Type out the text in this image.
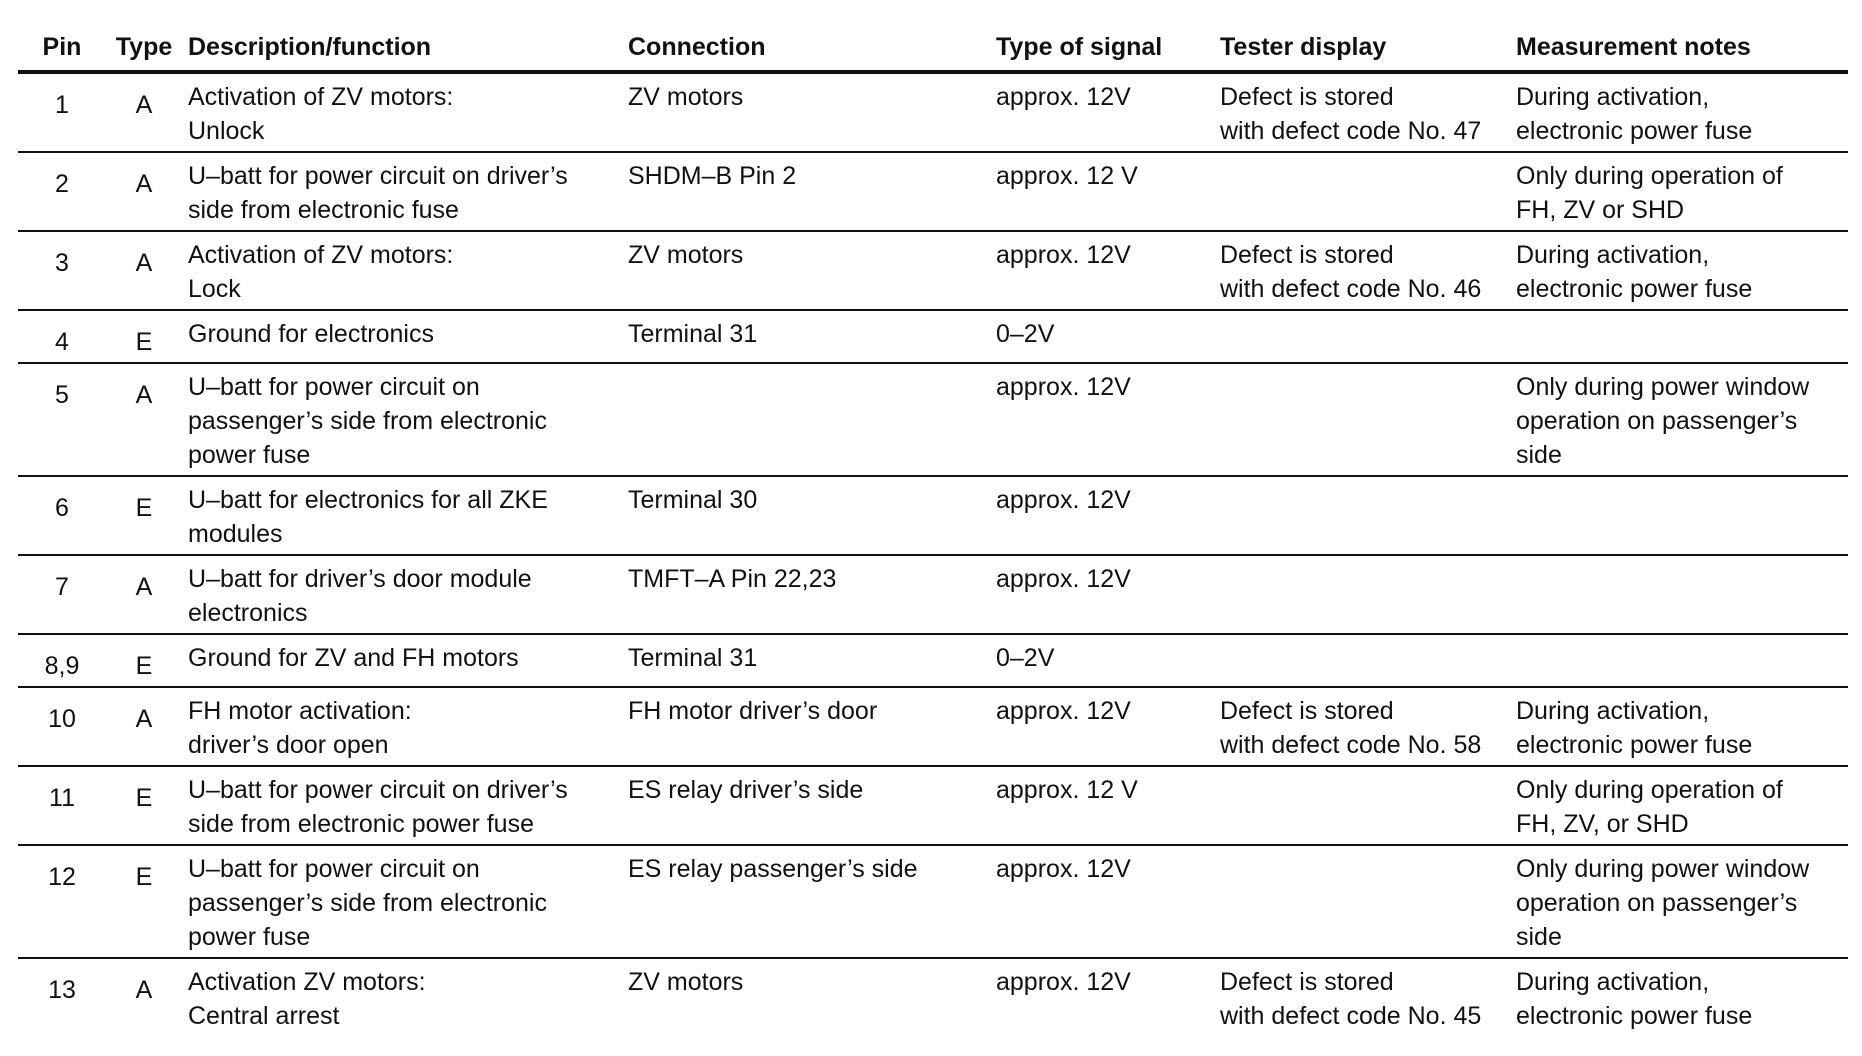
Pin	Type	Description/function	Connection	Type of signal	Tester display	Measurement notes
1	A	Activation of ZV motors:
Unlock	ZV motors	approx. 12V	Defect is stored
with defect code No. 47	During activation,
electronic power fuse

2	A	U–batt for power circuit on driver’s
side from electronic fuse	SHDM–B Pin 2	approx. 12 V		Only during operation of
FH, ZV or SHD

3	A	Activation of ZV motors:
Lock	ZV motors	approx. 12V	Defect is stored
with defect code No. 46	During activation,
electronic power fuse

4	E	Ground for electronics	Terminal 31	0–2V		

5	A	U–batt for power circuit on
passenger’s side from electronic
power fuse		approx. 12V		Only during power window
operation on passenger’s
side

6	E	U–batt for electronics for all ZKE
modules	Terminal 30	approx. 12V		

7	A	U–batt for driver’s door module
electronics	TMFT–A Pin 22,23	approx. 12V		

8,9	E	Ground for ZV and FH motors	Terminal 31	0–2V		

10	A	FH motor activation:
driver’s door open	FH motor driver’s door	approx. 12V	Defect is stored
with defect code No. 58	During activation,
electronic power fuse

11	E	U–batt for power circuit on driver’s
side from electronic power fuse	ES relay driver’s side	approx. 12 V		Only during operation of
FH, ZV, or SHD

12	E	U–batt for power circuit on
passenger’s side from electronic
power fuse	ES relay passenger’s side	approx. 12V		Only during power window
operation on passenger’s
side

13	A	Activation ZV motors:
Central arrest	ZV motors	approx. 12V	Defect is stored
with defect code No. 45	During activation,
electronic power fuse
